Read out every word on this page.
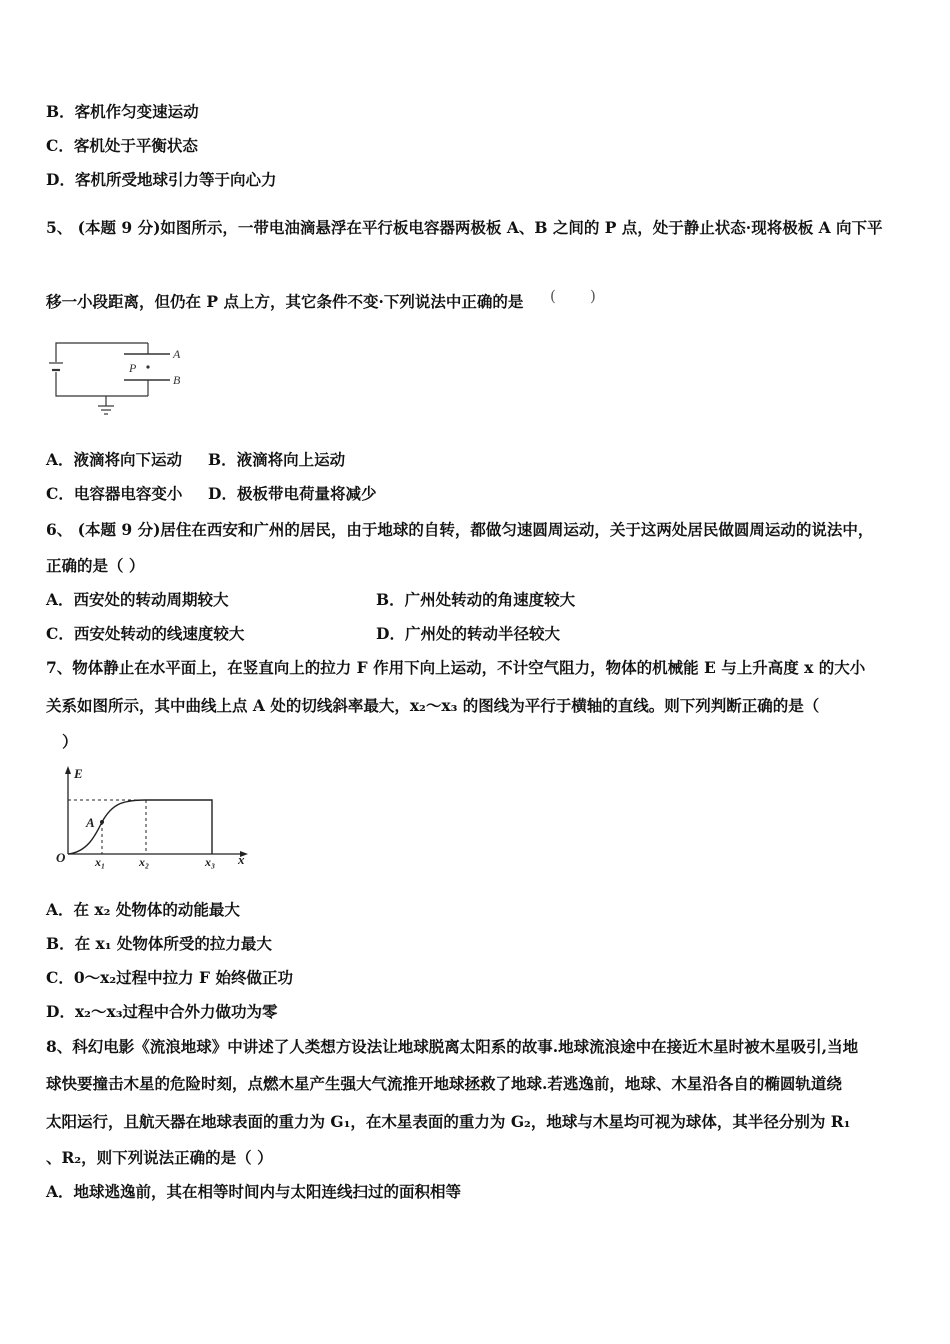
B．客机作匀变速运动
C．客机处于平衡状态
D．客机所受地球引力等于向心力
5、 (本题 9 分)如图所示，一带电油滴悬浮在平行板电容器两极板 A、B 之间的 P 点，处于静止状态·现将极板 A 向下平
移一小段距离，但仍在 P 点上方，其它条件不变·下列说法中正确的是 ( )
P
A
B
A．液滴将向下运动 B．液滴将向上运动
C．电容器电容变小 D．极板带电荷量将减少
6、 (本题 9 分)居住在西安和广州的居民，由于地球的自转，都做匀速圆周运动，关于这两处居民做圆周运动的说法中，
正确的是（ ）
A．西安处的转动周期较大	B．广州处转动的角速度较大
C．西安处转动的线速度较大	D．广州处的转动半径较大
7、物体静止在水平面上，在竖直向上的拉力 F 作用下向上运动，不计空气阻力，物体的机械能 E 与上升高度 x 的大小
关系如图所示，其中曲线上点 A 处的切线斜率最大，x₂～x₃ 的图线为平行于横轴的直线。则下列判断正确的是（
）
E
x
O
A
x₁	x₂	x₃
A．在 x₂ 处物体的动能最大
B．在 x₁ 处物体所受的拉力最大
C．0～x₂过程中拉力 F 始终做正功
D．x₂～x₃过程中合外力做功为零
8、科幻电影《流浪地球》中讲述了人类想方设法让地球脱离太阳系的故事.地球流浪途中在接近木星时被木星吸引,当地
球快要撞击木星的危险时刻，点燃木星产生强大气流推开地球拯救了地球.若逃逸前，地球、木星沿各自的椭圆轨道绕
太阳运行，且航天器在地球表面的重力为 G₁，在木星表面的重力为 G₂，地球与木星均可视为球体，其半径分别为 R₁
、R₂，则下列说法正确的是（ ）
A．地球逃逸前，其在相等时间内与太阳连线扫过的面积相等
